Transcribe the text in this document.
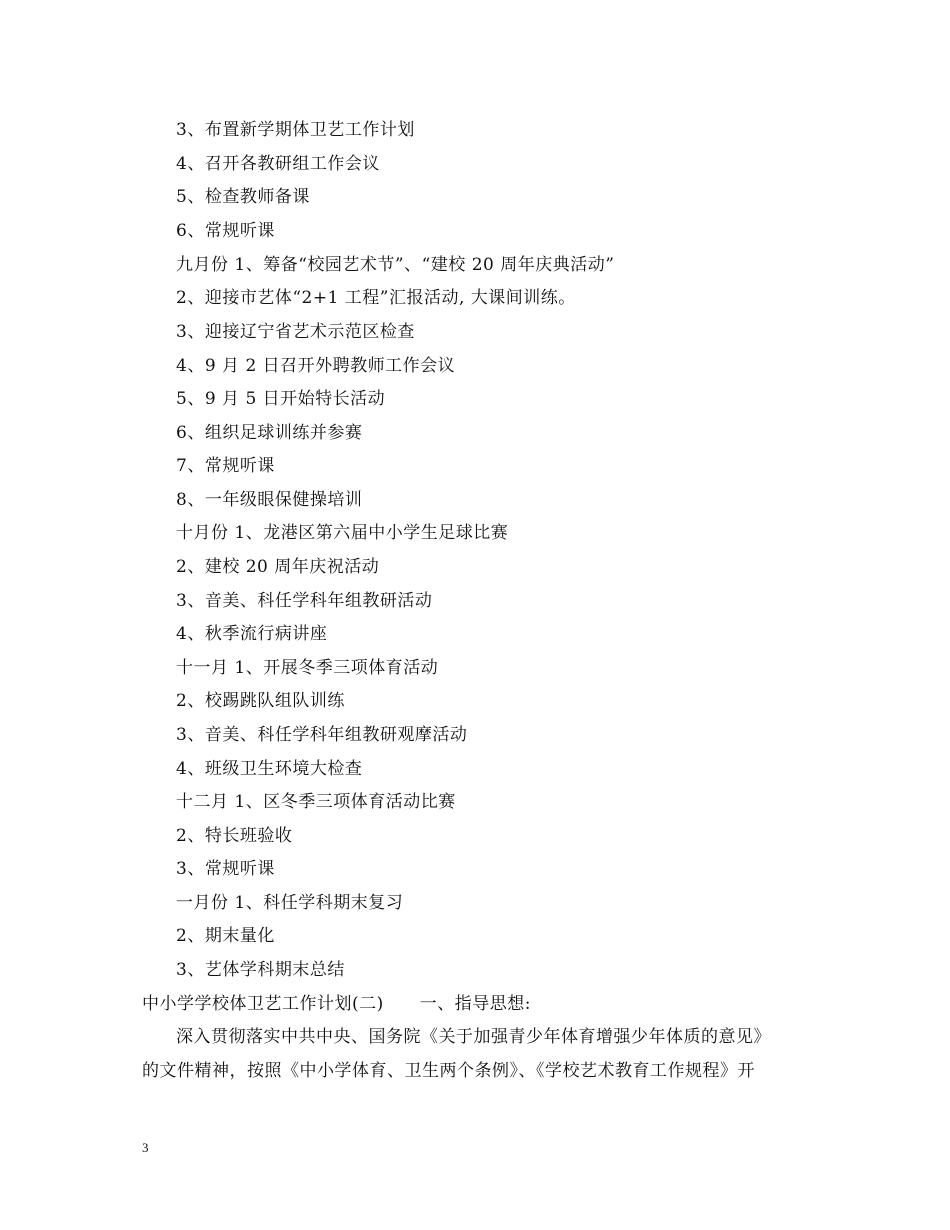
3、布置新学期体卫艺工作计划
4、召开各教研组工作会议
5、检查教师备课
6、常规听课
九月份 1、筹备“校园艺术节”、“建校 20 周年庆典活动”
2、迎接市艺体“2+1 工程”汇报活动, 大课间训练。
3、迎接辽宁省艺术示范区检查
4、9 月 2 日召开外聘教师工作会议
5、9 月 5 日开始特长活动
6、组织足球训练并参赛
7、常规听课
8、一年级眼保健操培训
十月份 1、龙港区第六届中小学生足球比赛
2、建校 20 周年庆祝活动
3、音美、科任学科年组教研活动
4、秋季流行病讲座
十一月 1、开展冬季三项体育活动
2、校踢跳队组队训练
3、音美、科任学科年组教研观摩活动
4、班级卫生环境大检查
十二月 1、区冬季三项体育活动比赛
2、特长班验收
3、常规听课
一月份 1、科任学科期末复习
2、期末量化
3、艺体学科期末总结
中小学学校体卫艺工作计划(二) 一、指导思想:
深入贯彻落实中共中央、国务院《关于加强青少年体育增强少年体质的意见》
的文件精神，按照《中小学体育、卫生两个条例》、《学校艺术教育工作规程》开
3
